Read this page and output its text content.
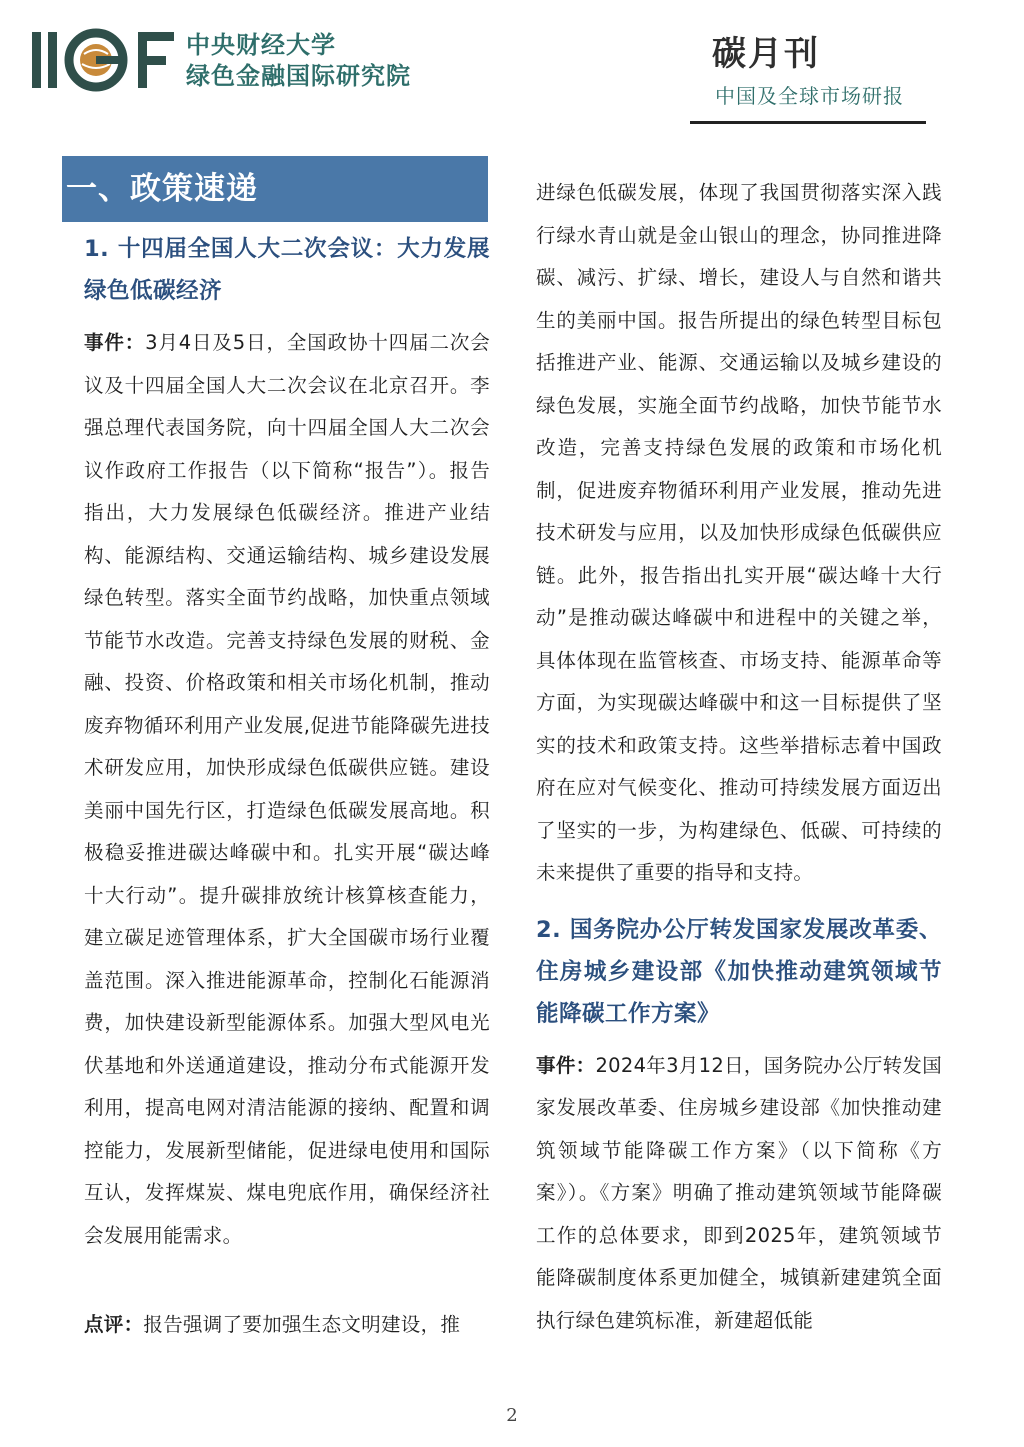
中央财经大学
绿色金融国际研究院
碳月刊
中国及全球市场研报
一、政策速递
1. 十四届全国人大二次会议：大力发展绿色低碳经济

事件：3月4日及5日，全国政协十四届二次会议及十四届全国人大二次会议在北京召开。李强总理代表国务院，向十四届全国人大二次会议作政府工作报告（以下简称“报告”）。报告指出，大力发展绿色低碳经济。推进产业结构、能源结构、交通运输结构、城乡建设发展绿色转型。落实全面节约战略，加快重点领域节能节水改造。完善支持绿色发展的财税、金融、投资、价格政策和相关市场化机制，推动废弃物循环利用产业发展,促进节能降碳先进技术研发应用，加快形成绿色低碳供应链。建设美丽中国先行区，打造绿色低碳发展高地。积极稳妥推进碳达峰碳中和。扎实开展“碳达峰十大行动”。提升碳排放统计核算核查能力，建立碳足迹管理体系，扩大全国碳市场行业覆盖范围。深入推进能源革命，控制化石能源消费，加快建设新型能源体系。加强大型风电光伏基地和外送通道建设，推动分布式能源开发利用，提高电网对清洁能源的接纳、配置和调控能力，发展新型储能，促进绿电使用和国际互认，发挥煤炭、煤电兜底作用，确保经济社会发展用能需求。

点评：报告强调了要加强生态文明建设，推

进绿色低碳发展，体现了我国贯彻落实深入践行绿水青山就是金山银山的理念，协同推进降碳、减污、扩绿、增长，建设人与自然和谐共生的美丽中国。报告所提出的绿色转型目标包括推进产业、能源、交通运输以及城乡建设的绿色发展，实施全面节约战略，加快节能节水改造，完善支持绿色发展的政策和市场化机制，促进废弃物循环利用产业发展，推动先进技术研发与应用，以及加快形成绿色低碳供应链。此外，报告指出扎实开展“碳达峰十大行动”是推动碳达峰碳中和进程中的关键之举，具体体现在监管核查、市场支持、能源革命等方面，为实现碳达峰碳中和这一目标提供了坚实的技术和政策支持。这些举措标志着中国政府在应对气候变化、推动可持续发展方面迈出了坚实的一步，为构建绿色、低碳、可持续的未来提供了重要的指导和支持。

2. 国务院办公厅转发国家发展改革委、住房城乡建设部《加快推动建筑领域节能降碳工作方案》

事件：2024年3月12日，国务院办公厅转发国家发展改革委、住房城乡建设部《加快推动建筑领域节能降碳工作方案》（以下简称《方案》）。《方案》明确了推动建筑领域节能降碳工作的总体要求，即到2025年，建筑领域节能降碳制度体系更加健全，城镇新建建筑全面执行绿色建筑标准，新建超低能

2
